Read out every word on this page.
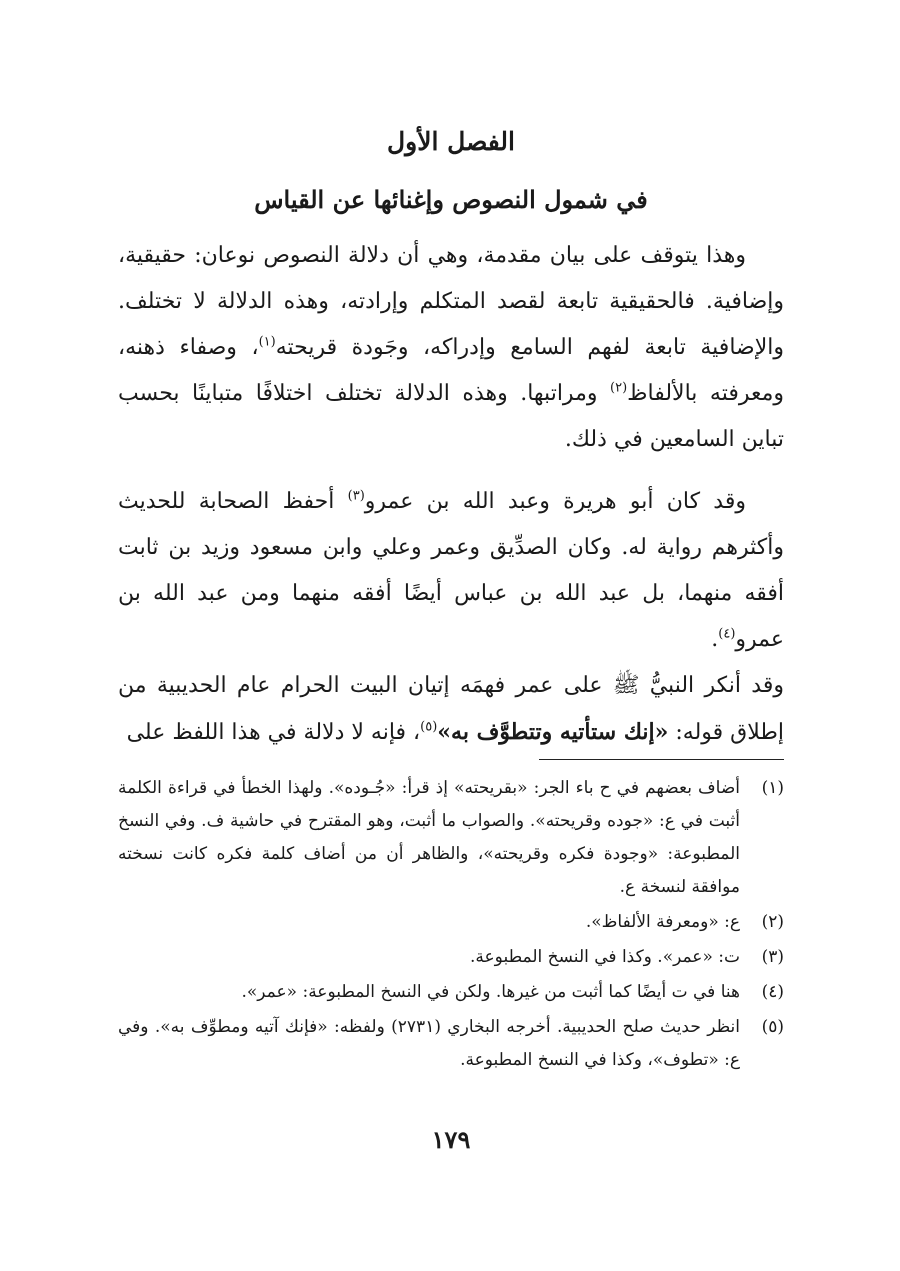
الفصل الأول
في شمول النصوص وإغنائها عن القياس

وهذا يتوقف على بيان مقدمة، وهي أن دلالة النصوص نوعان: حقيقية، وإضافية. فالحقيقية تابعة لقصد المتكلم وإرادته، وهذه الدلالة لا تختلف. والإضافية تابعة لفهم السامع وإدراكه، وجَودة قريحته$^{(١)}$، وصفاء ذهنه، ومعرفته بالألفاظ$^{(٢)}$ ومراتبها. وهذه الدلالة تختلف اختلافًا متباينًا بحسب تباين السامعين في ذلك.

وقد كان أبو هريرة وعبد الله بن عمرو$^{(٣)}$ أحفظ الصحابة للحديث وأكثرهم رواية له. وكان الصدِّيق وعمر وعلي وابن مسعود وزيد بن ثابت أفقه منهما، بل عبد الله بن عباس أيضًا أفقه منهما ومن عبد الله بن عمرو$^{(٤)}$.

وقد أنكر النبيُّ ﷺ على عمر فهمَه إتيان البيت الحرام عام الحديبية من إطلاق قوله: «إنك ستأتيه وتتطوَّف به»$^{(٥)}$، فإنه لا دلالة في هذا اللفظ على

(١)
أضاف بعضهم في ح باء الجر: «بقريحته» إذ قرأ: «جُـوده». ولهذا الخطأ في قراءة الكلمة أثبت في ع: «جوده وقريحته». والصواب ما أثبت، وهو المقترح في حاشية ف. وفي النسخ المطبوعة: «وجودة فكره وقريحته»، والظاهر أن من أضاف كلمة فكره كانت نسخته موافقة لنسخة ع.
(٢)
ع: «ومعرفة الألفاظ».
(٣)
ت: «عمر». وكذا في النسخ المطبوعة.
(٤)
هنا في ت أيضًا كما أثبت من غيرها. ولكن في النسخ المطبوعة: «عمر».
(٥)
انظر حديث صلح الحديبية. أخرجه البخاري (٢٧٣١) ولفظه: «فإنك آتيه ومطوِّف به». وفي ع: «تطوف»، وكذا في النسخ المطبوعة.
١٧٩
